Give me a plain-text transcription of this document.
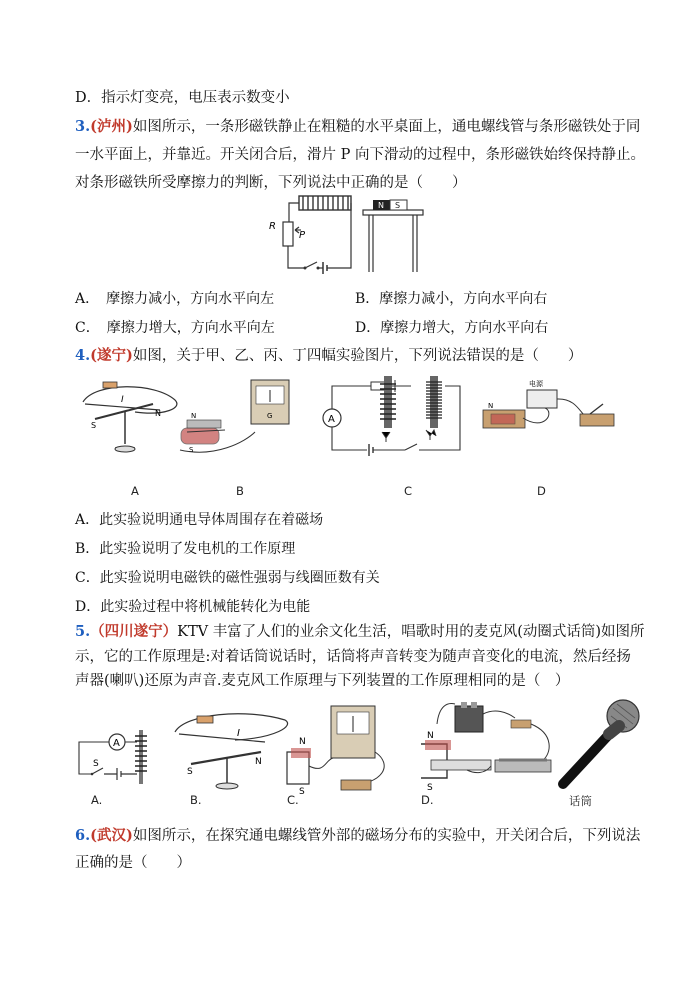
D．指示灯变亮，电压表示数变小
3.(泸州)如图所示，一条形磁铁静止在粗糙的水平桌面上，通电螺线管与条形磁铁处于同
一水平面上，并靠近。开关闭合后，滑片 P 向下滑动的过程中，条形磁铁始终保持静止。
对条形磁铁所受摩擦力的判断，下列说法中正确的是（　　）
R
P
N S
A．　摩擦力减小，方向水平向左	B．摩擦力减小，方向水平向右
C．　摩擦力增大，方向水平向左	D．摩擦力增大，方向水平向右
4.(遂宁)如图，关于甲、乙、丙、丁四幅实验图片，下列说法错误的是（　　）
I
S
N	N
S
G	A
N
电源
A	B	C	D
A．此实验说明通电导体周围存在着磁场
B．此实验说明了发电机的工作原理
C．此实验说明电磁铁的磁性强弱与线圈匝数有关
D．此实验过程中将机械能转化为电能
5.（四川遂宁）KTV 丰富了人们的业余文化生活，唱歌时用的麦克风(动圈式话筒)如图所
示，它的工作原理是:对着话筒说话时，话筒将声音转变为随声音变化的电流，然后经扬
声器(喇叭)还原为声音.麦克风工作原理与下列装置的工作原理相同的是（　）
A
S
I
S
N
N
S
N
S
A.	B.	C.	D.	话筒
6.(武汉)如图所示，在探究通电螺线管外部的磁场分布的实验中，开关闭合后，下列说法
正确的是（　　）
